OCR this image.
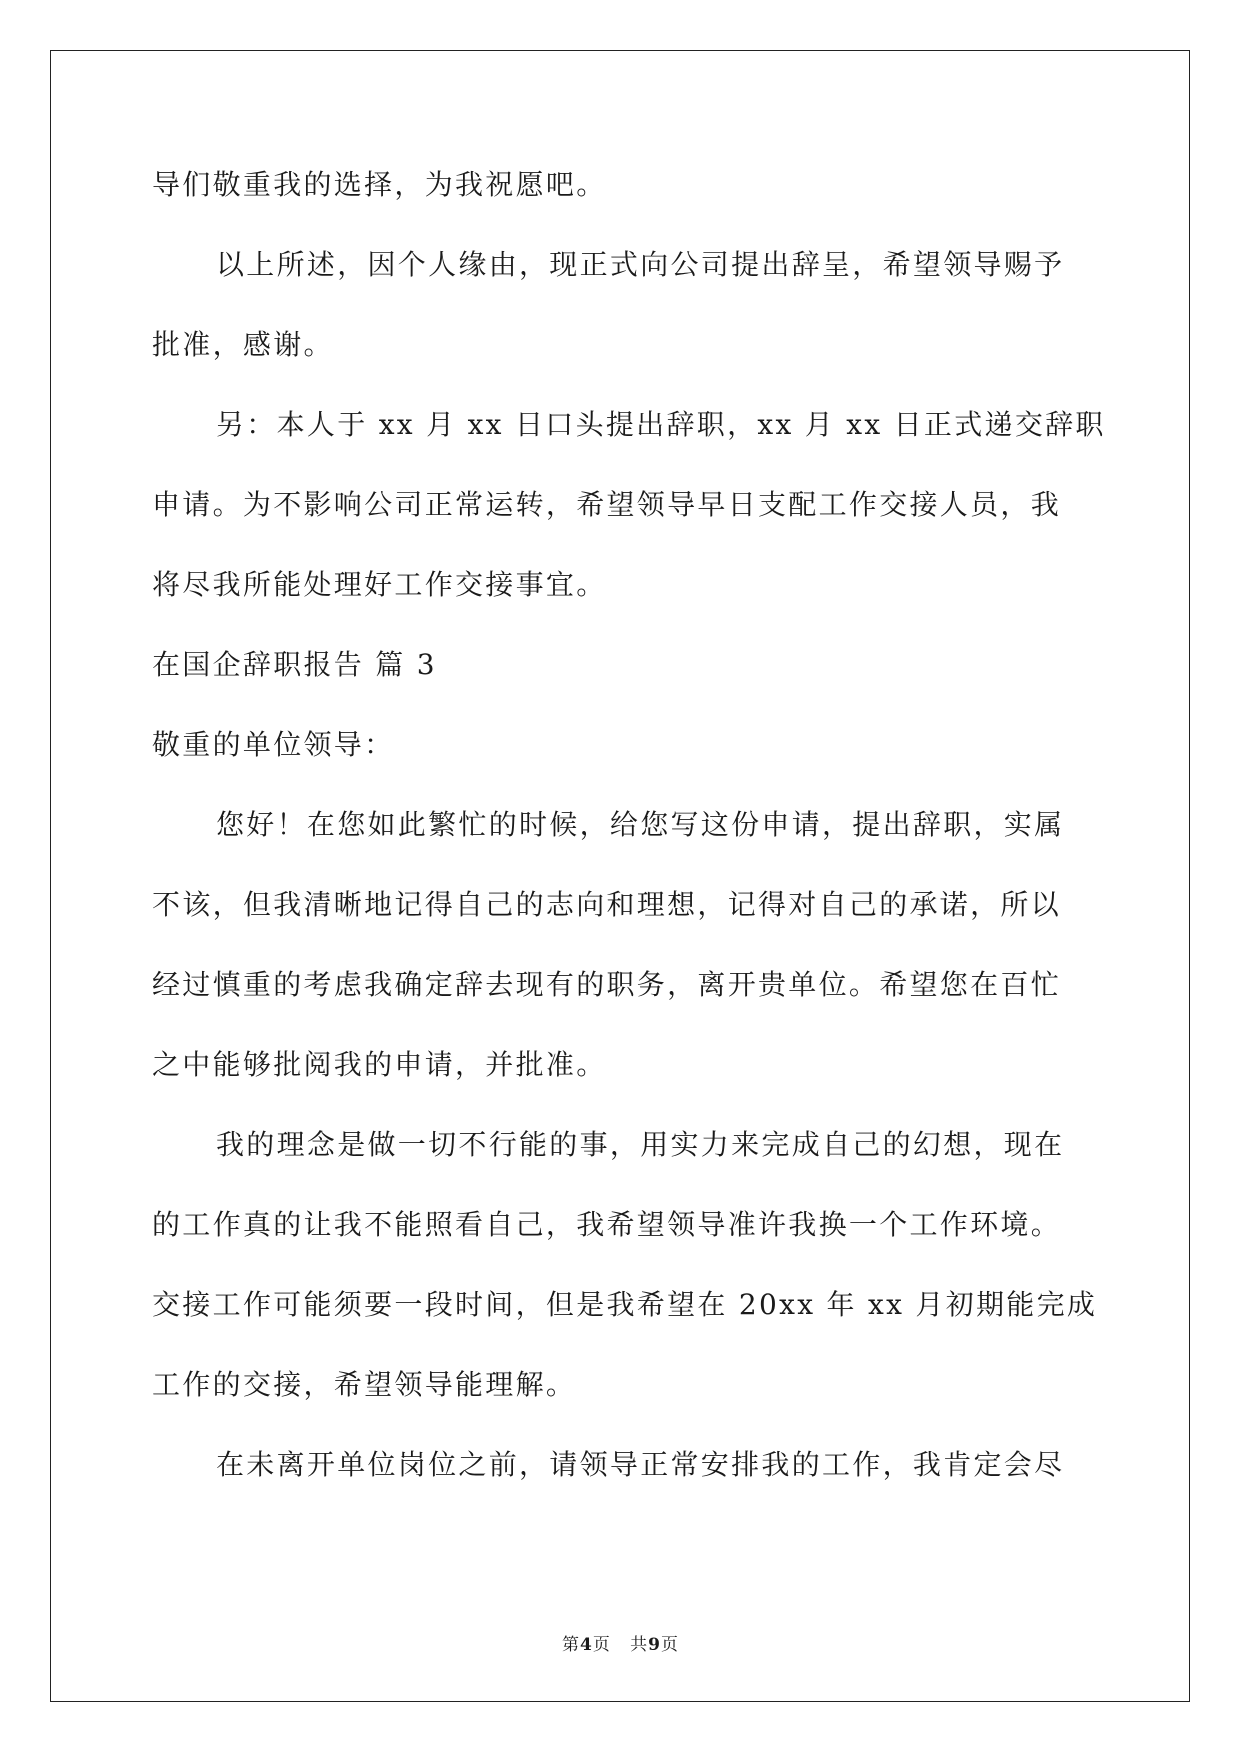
导们敬重我的选择，为我祝愿吧。
以上所述，因个人缘由，现正式向公司提出辞呈，希望领导赐予
批准，感谢。
另：本人于 xx 月 xx 日口头提出辞职，xx 月 xx 日正式递交辞职
申请。为不影响公司正常运转，希望领导早日支配工作交接人员，我
将尽我所能处理好工作交接事宜。
在国企辞职报告 篇 3
敬重的单位领导：
您好！在您如此繁忙的时候，给您写这份申请，提出辞职，实属
不该，但我清晰地记得自己的志向和理想，记得对自己的承诺，所以
经过慎重的考虑我确定辞去现有的职务，离开贵单位。希望您在百忙
之中能够批阅我的申请，并批准。
我的理念是做一切不行能的事，用实力来完成自己的幻想，现在
的工作真的让我不能照看自己，我希望领导准许我换一个工作环境。
交接工作可能须要一段时间，但是我希望在 20xx 年 xx 月初期能完成
工作的交接，希望领导能理解。
在未离开单位岗位之前，请领导正常安排我的工作，我肯定会尽
第4页 共9页
